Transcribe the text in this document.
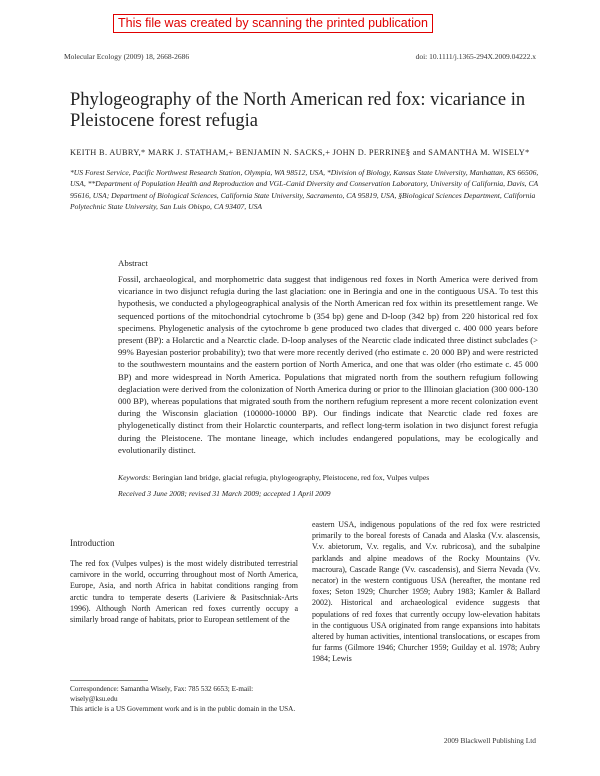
This file was created by scanning the printed publication
Molecular Ecology (2009) 18, 2668-2686	doi: 10.1111/j.1365-294X.2009.04222.x
Phylogeography of the North American red fox: vicariance in Pleistocene forest refugia
KEITH B. AUBRY,* MARK J. STATHAM,+ BENJAMIN N. SACKS,+ JOHN D. PERRINE§ and SAMANTHA M. WISELY*

*US Forest Service, Pacific Northwest Research Station, Olympia, WA 98512, USA, *Division of Biology, Kansas State University, Manhattan, KS 66506, USA, **Department of Population Health and Reproduction and VGL-Canid Diversity and Conservation Laboratory, University of California, Davis, CA 95616, USA; Department of Biological Sciences, California State University, Sacramento, CA 95819, USA, §Biological Sciences Department, California Polytechnic State University, San Luis Obispo, CA 93407, USA

Abstract

Fossil, archaeological, and morphometric data suggest that indigenous red foxes in North America were derived from vicariance in two disjunct refugia during the last glaciation: one in Beringia and one in the contiguous USA. To test this hypothesis, we conducted a phylogeographical analysis of the North American red fox within its presettlement range. We sequenced portions of the mitochondrial cytochrome b (354 bp) gene and D-loop (342 bp) from 220 historical red fox specimens. Phylogenetic analysis of the cytochrome b gene produced two clades that diverged c. 400 000 years before present (BP): a Holarctic and a Nearctic clade. D-loop analyses of the Nearctic clade indicated three distinct subclades (> 99% Bayesian posterior probability); two that were more recently derived (rho estimate c. 20 000 BP) and were restricted to the southwestern mountains and the eastern portion of North America, and one that was older (rho estimate c. 45 000 BP) and more widespread in North America. Populations that migrated north from the southern refugium following deglaciation were derived from the colonization of North America during or prior to the Illinoian glaciation (300 000-130 000 BP), whereas populations that migrated south from the northern refugium represent a more recent colonization event during the Wisconsin glaciation (100000-10000 BP). Our findings indicate that Nearctic clade red foxes are phylogenetically distinct from their Holarctic counterparts, and reflect long-term isolation in two disjunct forest refugia during the Pleistocene. The montane lineage, which includes endangered populations, may be ecologically and evolutionarily distinct.

Keywords: Beringian land bridge, glacial refugia, phylogeography, Pleistocene, red fox, Vulpes vulpes
Received 3 June 2008; revised 31 March 2009; accepted 1 April 2009
Introduction

The red fox (Vulpes vulpes) is the most widely distributed terrestrial carnivore in the world, occurring throughout most of North America, Europe, Asia, and north Africa in habitat conditions ranging from arctic tundra to temperate deserts (Lariviere & Pasitschniak-Arts 1996). Although North American red foxes currently occupy a similarly broad range of habitats, prior to European settlement of the

eastern USA, indigenous populations of the red fox were restricted primarily to the boreal forests of Canada and Alaska (V.v. alascensis, V.v. abietorum, V.v. regalis, and V.v. rubricosa), and the subalpine parklands and alpine meadows of the Rocky Mountains (Vv. macroura), Cascade Range (Vv. cascadensis), and Sierra Nevada (Vv. necator) in the western contiguous USA (hereafter, the montane red foxes; Seton 1929; Churcher 1959; Aubry 1983; Kamler & Ballard 2002). Historical and archaeological evidence suggests that populations of red foxes that currently occupy low-elevation habitats in the contiguous USA originated from range expansions into habitats altered by human activities, intentional translocations, or escapes from fur farms (Gilmore 1946; Churcher 1959; Guilday et al. 1978; Aubry 1984; Lewis

Correspondence: Samantha Wisely, Fax: 785 532 6653; E-mail: wisely@ksu.edu

This article is a US Government work and is in the public domain in the USA.

2009 Blackwell Publishing Ltd
